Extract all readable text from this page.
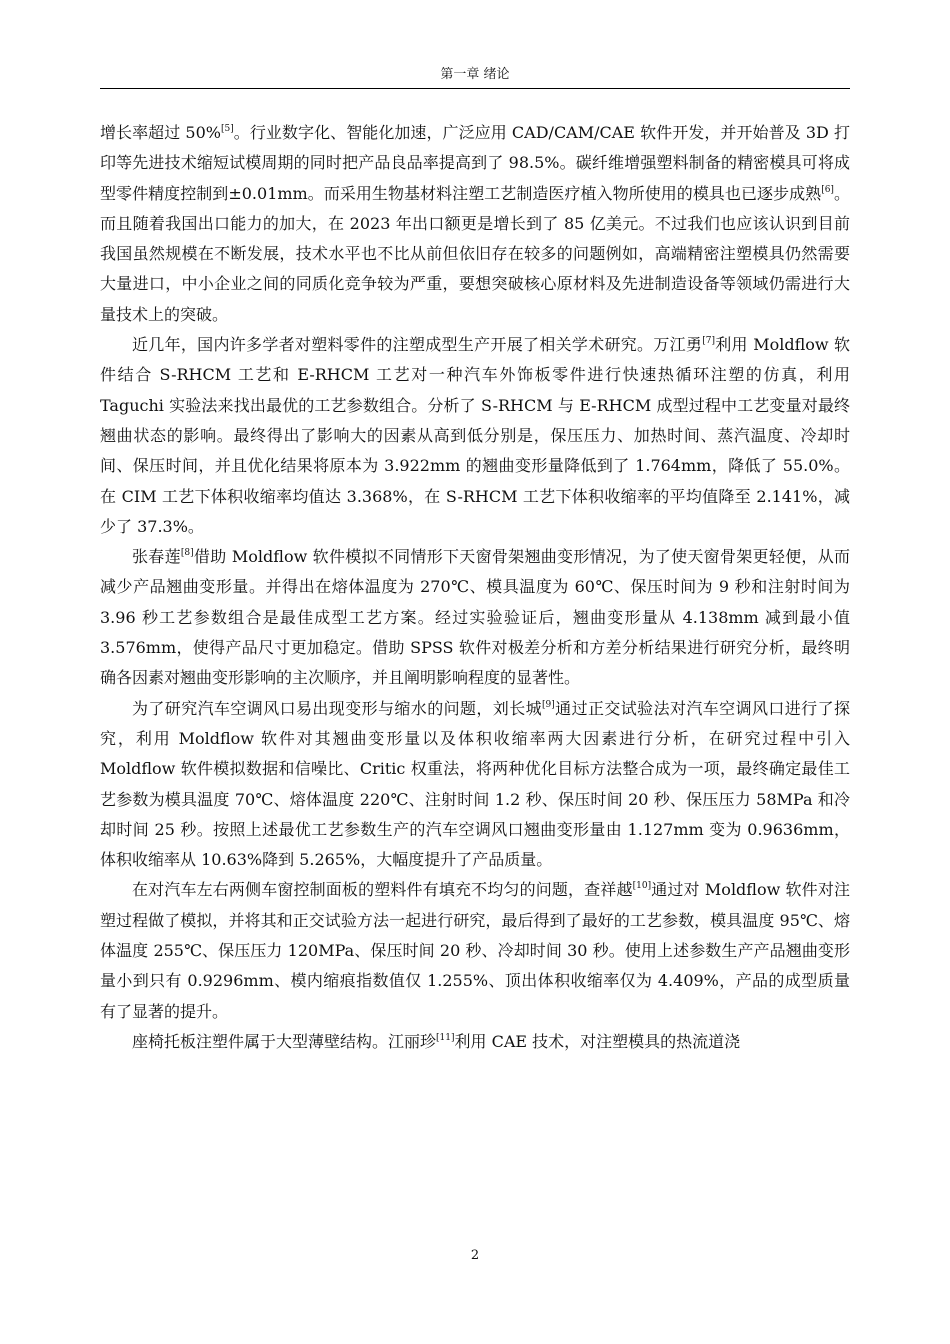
第一章 绪论

增长率超过 50%[5]。行业数字化、智能化加速，广泛应用 CAD/CAM/CAE 软件开发，并开始普及 3D 打印等先进技术缩短试模周期的同时把产品良品率提高到了 98.5%。碳纤维增强塑料制备的精密模具可将成型零件精度控制到±0.01mm。而采用生物基材料注塑工艺制造医疗植入物所使用的模具也已逐步成熟[6]。而且随着我国出口能力的加大，在 2023 年出口额更是增长到了 85 亿美元。不过我们也应该认识到目前我国虽然规模在不断发展，技术水平也不比从前但依旧存在较多的问题例如，高端精密注塑模具仍然需要大量进口，中小企业之间的同质化竞争较为严重，要想突破核心原材料及先进制造设备等领域仍需进行大量技术上的突破。

近几年，国内许多学者对塑料零件的注塑成型生产开展了相关学术研究。万江勇[7]利用 Moldflow 软件结合 S-RHCM 工艺和 E-RHCM 工艺对一种汽车外饰板零件进行快速热循环注塑的仿真，利用 Taguchi 实验法来找出最优的工艺参数组合。分析了 S-RHCM 与 E-RHCM 成型过程中工艺变量对最终翘曲状态的影响。最终得出了影响大的因素从高到低分别是，保压压力、加热时间、蒸汽温度、冷却时间、保压时间，并且优化结果将原本为 3.922mm 的翘曲变形量降低到了 1.764mm，降低了 55.0%。在 CIM 工艺下体积收缩率均值达 3.368%，在 S-RHCM 工艺下体积收缩率的平均值降至 2.141%，减少了 37.3%。

张春莲[8]借助 Moldflow 软件模拟不同情形下天窗骨架翘曲变形情况，为了使天窗骨架更轻便，从而减少产品翘曲变形量。并得出在熔体温度为 270℃、模具温度为 60℃、保压时间为 9 秒和注射时间为 3.96 秒工艺参数组合是最佳成型工艺方案。经过实验验证后，翘曲变形量从 4.138mm 减到最小值 3.576mm，使得产品尺寸更加稳定。借助 SPSS 软件对极差分析和方差分析结果进行研究分析，最终明确各因素对翘曲变形影响的主次顺序，并且阐明影响程度的显著性。

为了研究汽车空调风口易出现变形与缩水的问题，刘长城[9]通过正交试验法对汽车空调风口进行了探究，利用 Moldflow 软件对其翘曲变形量以及体积收缩率两大因素进行分析，在研究过程中引入 Moldflow 软件模拟数据和信噪比、Critic 权重法，将两种优化目标方法整合成为一项，最终确定最佳工艺参数为模具温度 70℃、熔体温度 220℃、注射时间 1.2 秒、保压时间 20 秒、保压压力 58MPa 和冷却时间 25 秒。按照上述最优工艺参数生产的汽车空调风口翘曲变形量由 1.127mm 变为 0.9636mm，体积收缩率从 10.63%降到 5.265%，大幅度提升了产品质量。

在对汽车左右两侧车窗控制面板的塑料件有填充不均匀的问题，查祥越[10]通过对 Moldflow 软件对注塑过程做了模拟，并将其和正交试验方法一起进行研究，最后得到了最好的工艺参数，模具温度 95℃、熔体温度 255℃、保压压力 120MPa、保压时间 20 秒、冷却时间 30 秒。使用上述参数生产产品翘曲变形量小到只有 0.9296mm、模内缩痕指数值仅 1.255%、顶出体积收缩率仅为 4.409%，产品的成型质量有了显著的提升。

座椅托板注塑件属于大型薄壁结构。江丽珍[11]利用 CAE 技术，对注塑模具的热流道浇

2
